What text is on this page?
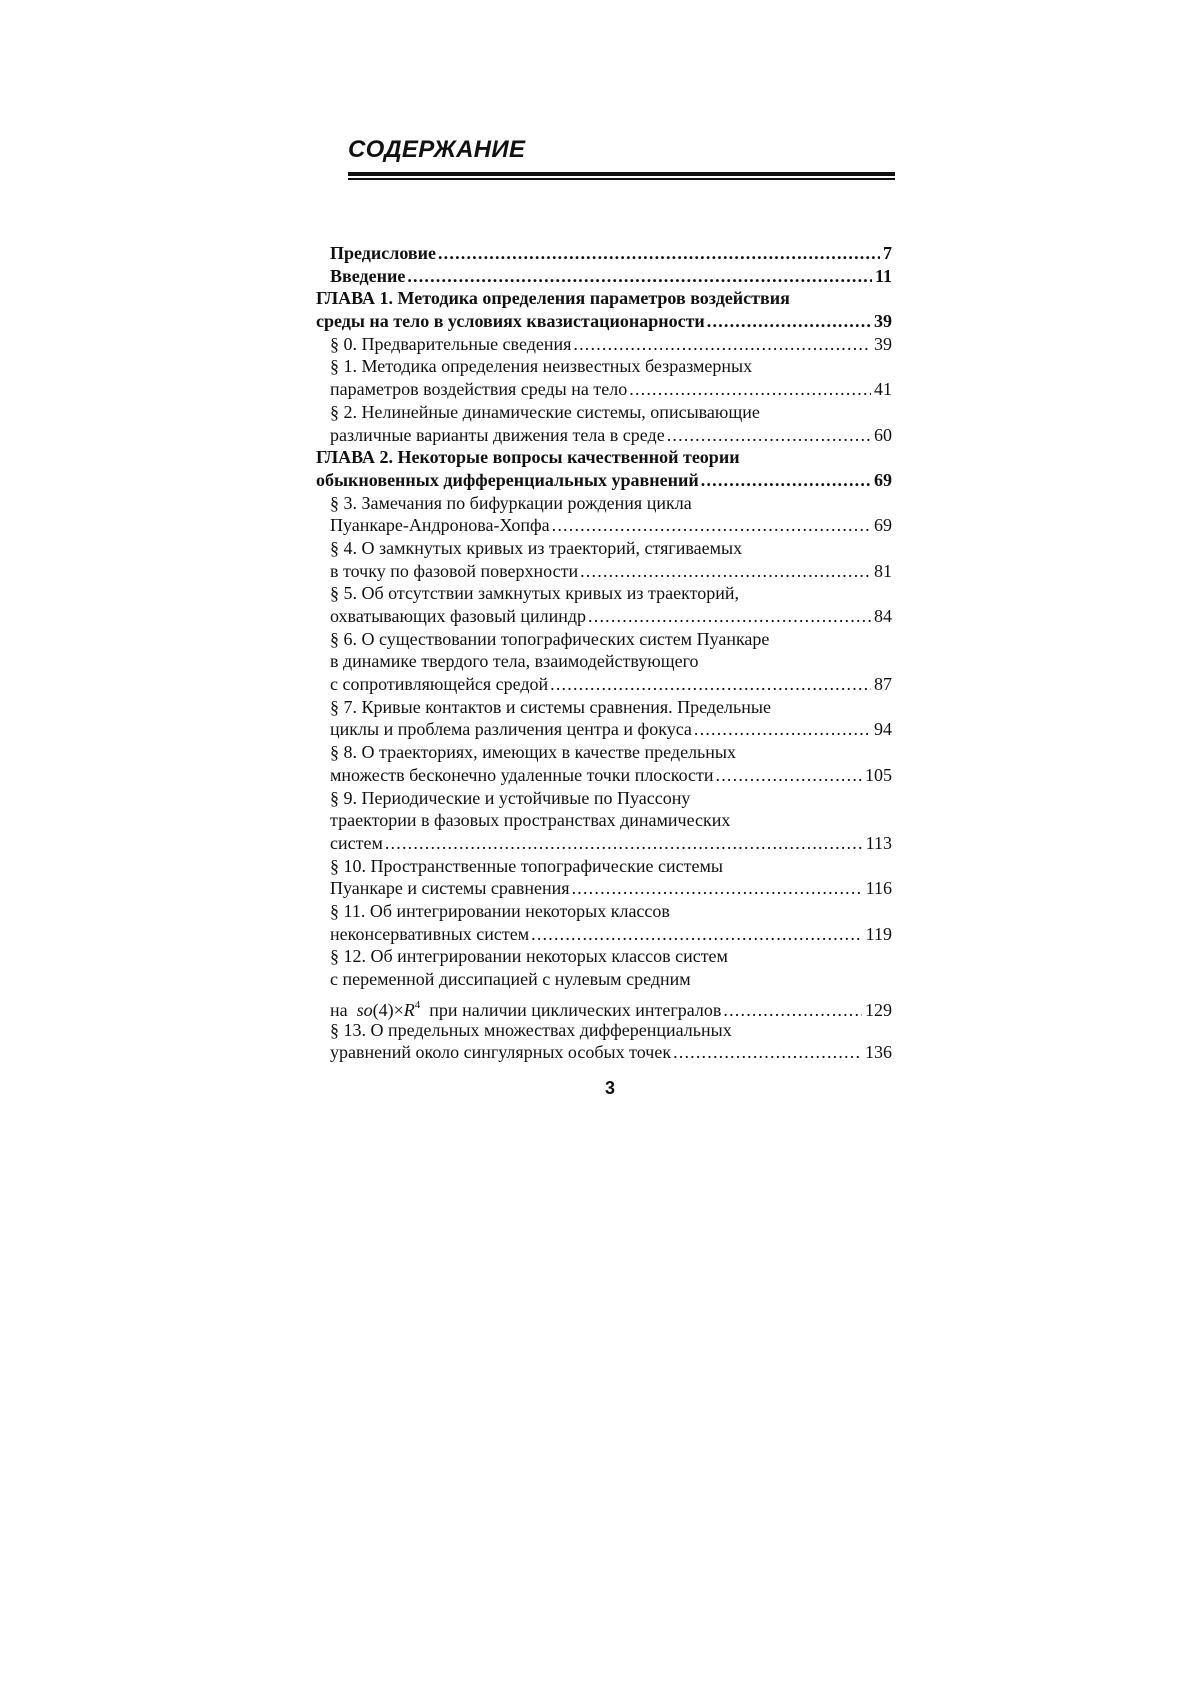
СОДЕРЖАНИЕ
Предисловие .....	7
Введение .....	11
ГЛАВА 1. Методика определения параметров воздействия
среды на тело в условиях квазистационарности .....	39
§ 0. Предварительные сведения .....	39
§ 1. Методика определения неизвестных безразмерных
параметров воздействия среды на тело .....	41
§ 2. Нелинейные динамические системы, описывающие
различные варианты движения тела в среде .....	60
ГЛАВА 2. Некоторые вопросы качественной теории
обыкновенных дифференциальных уравнений .....	69
§ 3. Замечания по бифуркации рождения цикла
Пуанкаре-Андронова-Хопфа .....	69
§ 4. О замкнутых кривых из траекторий, стягиваемых
в точку по фазовой поверхности .....	81
§ 5. Об отсутствии замкнутых кривых из траекторий,
охватывающих фазовый цилиндр .....	84
§ 6. О существовании топографических систем Пуанкаре
в динамике твердого тела, взаимодействующего
с сопротивляющейся средой .....	87
§ 7. Кривые контактов и системы сравнения. Предельные
циклы и проблема различения центра и фокуса .....	94
§ 8. О траекториях, имеющих в качестве предельных
множеств бесконечно удаленные точки плоскости .....	105
§ 9. Периодические и устойчивые по Пуассону
траектории в фазовых пространствах динамических
систем .....	113
§ 10. Пространственные топографические системы
Пуанкаре и системы сравнения .....	116
§ 11. Об интегрировании некоторых классов
неконсервативных систем .....	119
§ 12. Об интегрировании некоторых классов систем
с переменной диссипацией с нулевым средним
на $so(4)\times R^4$ при наличии циклических интегралов .....	129
§ 13. О предельных множествах дифференциальных
уравнений около сингулярных особых точек .....	136
3
